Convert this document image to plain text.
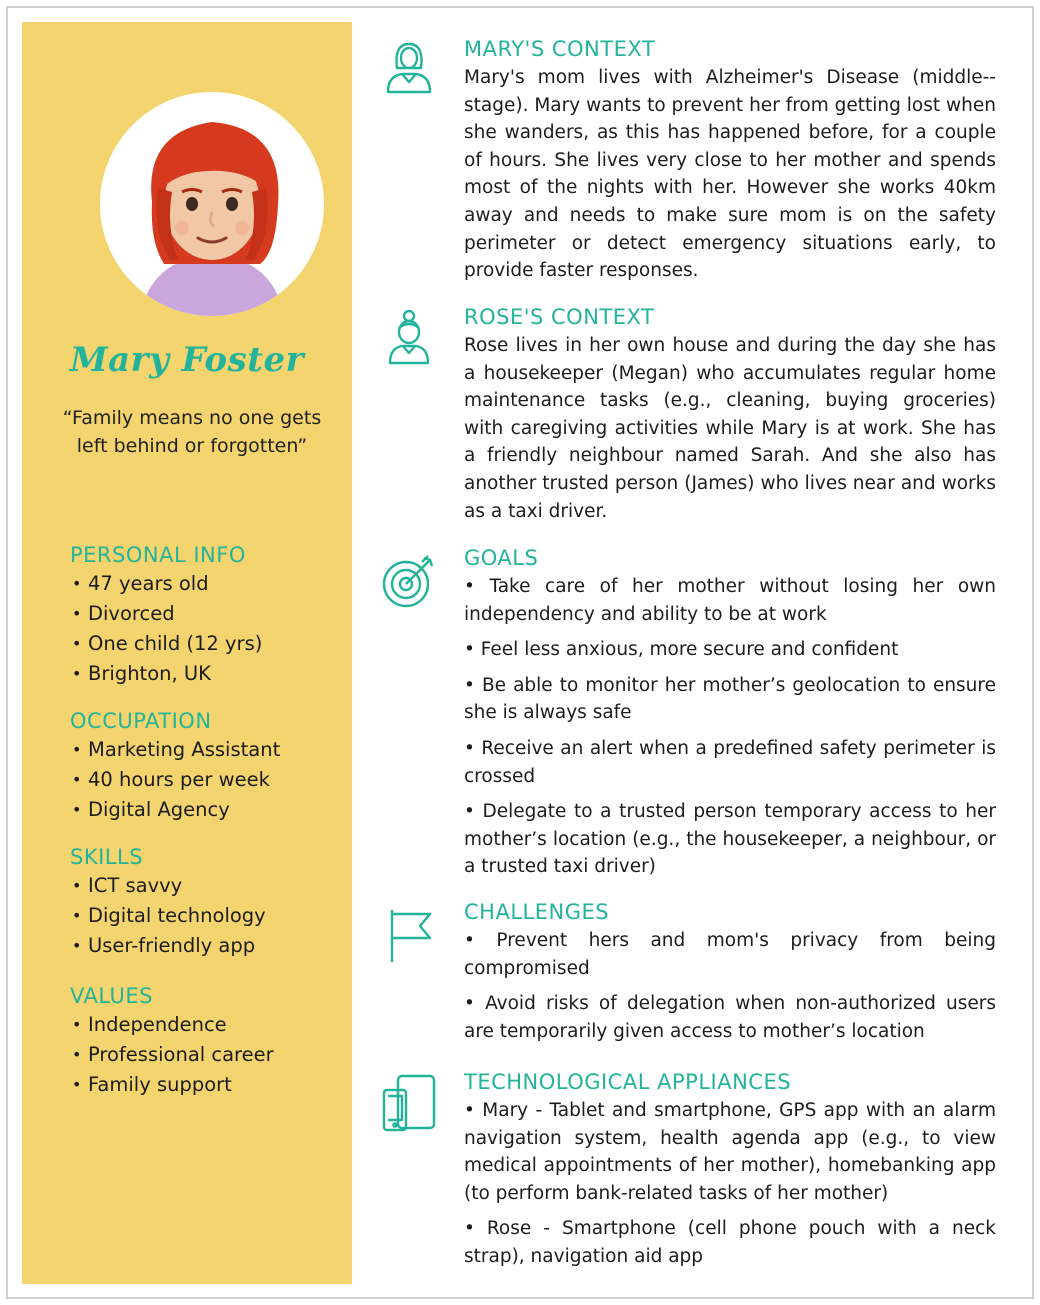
Mary Foster
“Family means no one gets left behind or forgotten”
PERSONAL INFO
• 47 years old
• Divorced
• One child (12 yrs)
• Brighton, UK
OCCUPATION
• Marketing Assistant
• 40 hours per week
• Digital Agency
SKILLS
• ICT savvy
• Digital technology
• User-friendly app
VALUES
• Independence
• Professional career
• Family support
MARY'S CONTEXT
Mary's mom lives with Alzheimer's Disease (middle--stage). Mary wants to prevent her from getting lost when she wanders, as this has happened before, for a couple of hours. She lives very close to her mother and spends most of the nights with her. However she works 40km away and needs to make sure mom is on the safety perimeter or detect emergency situations early, to provide faster responses.
ROSE'S CONTEXT
Rose lives in her own house and during the day she has a housekeeper (Megan) who accumulates regular home maintenance tasks (e.g., cleaning, buying groceries) with caregiving activities while Mary is at work. She has a friendly neighbour named Sarah. And she also has another trusted person (James) who lives near and works as a taxi driver.
GOALS
• Take care of her mother without losing her own independency and ability to be at work
• Feel less anxious, more secure and confident
• Be able to monitor her mother’s geolocation to ensure she is always safe
• Receive an alert when a predefined safety perimeter is crossed
• Delegate to a trusted person temporary access to her mother’s location (e.g., the housekeeper, a neighbour, or a trusted taxi driver)
CHALLENGES
• Prevent hers and mom's privacy from being compromised
• Avoid risks of delegation when non-authorized users are temporarily given access to mother’s location
TECHNOLOGICAL APPLIANCES
• Mary - Tablet and smartphone, GPS app with an alarm navigation system, health agenda app (e.g., to view medical appointments of her mother), homebanking app (to perform bank-related tasks of her mother)
• Rose - Smartphone (cell phone pouch with a neck strap), navigation aid app
